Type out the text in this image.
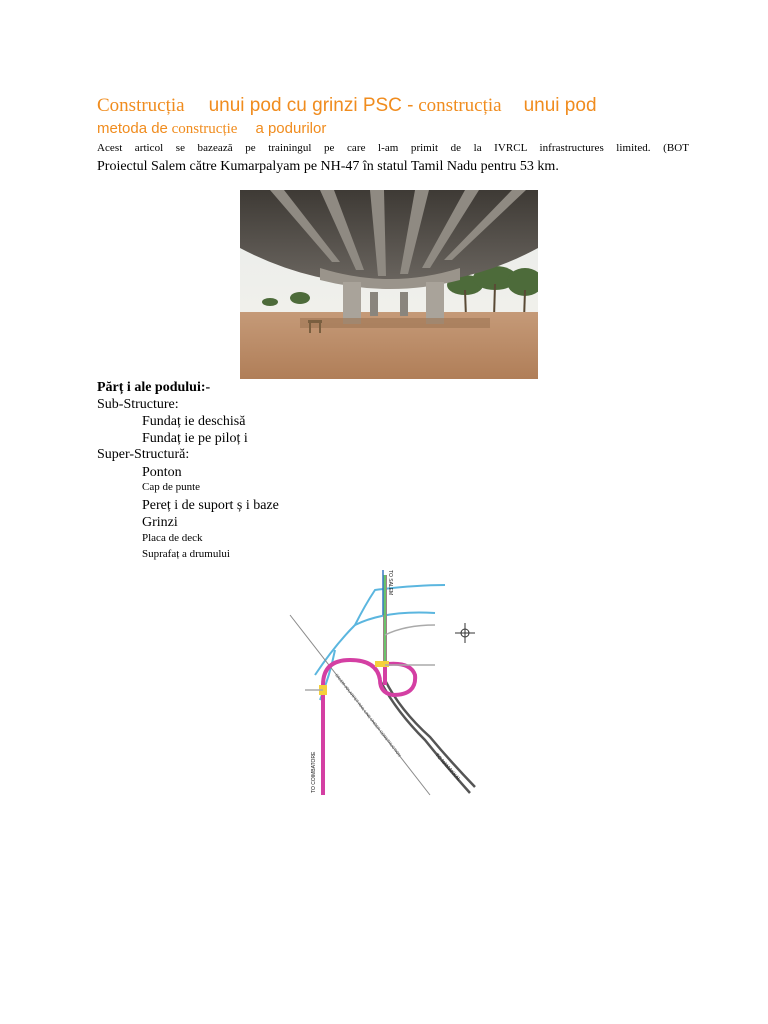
Construcția unui pod cu grinzi PSC - construcția unui pod
metoda de construcție a podurilor
Acest articol se bazează pe trainingul pe care l-am primit de la IVRCL infrastructures limited. (BOT
Proiectul Salem către Kumarpalyam pe NH-47 în statul Tamil Nadu pentru 53 km.
Părț i ale podului:-
Sub-Structure:
Fundaț ie deschisă
Fundaț ie pe piloț i
Super-Structură:
Ponton
Cap de punte
Pereț i de suport ș i baze
Grinzi
Placa de deck
Suprafaț a drumului
TO SALEM
TO COIMBATORE	TO NAMAKKAL
SALEM-JOLARPET RAIL LINE UNDER CONSTRUCTION
